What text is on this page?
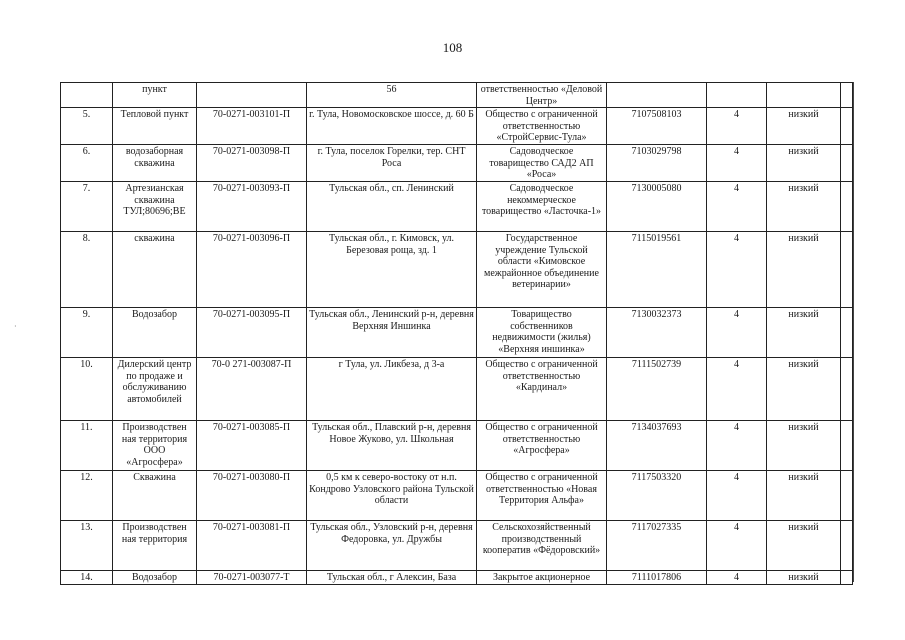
108
·
	пункт		56	ответственностью «Деловой Центр»				
5.	Тепловой пункт	70-0271-003101-П	г. Тула, Новомосковское шоссе, д. 60 Б	Общество с ограниченной ответственностью «СтройСервис-Тула»	7107508103	4	низкий	
6.	водозаборная скважина	70-0271-003098-П	г. Тула, поселок Горелки, тер. СНТ Роса	Садоводческое товарищество САД2 АП «Роса»	7103029798	4	низкий	
7.	Артезианская скважина ТУЛ;80696;ВЕ	70-0271-003093-П	Тульская обл., сп. Ленинский	Садоводческое некоммерческое товарищество «Ласточка-1»	7130005080	4	низкий	
8.	скважина	70-0271-003096-П	Тульская обл., г. Кимовск, ул. Березовая роща, зд. 1	Государственное учреждение Тульской области «Кимовское межрайонное объединение ветеринарии»	7115019561	4	низкий	
9.	Водозабор	70-0271-003095-П	Тульская обл., Ленинский р-н, деревня Верхняя Иншинка	Товарищество собственников недвижимости (жилья) «Верхняя иншинка»	7130032373	4	низкий	
10.	Дилерский центр по продаже и обслуживанию автомобилей	70-0 271-003087-П	г Тула, ул. Ликбеза, д 3-а	Общество с ограниченной ответственностью «Кардинал»	7111502739	4	низкий	
11.	Производствен ная территория ООО «Агросфера»	70-0271-003085-П	Тульская обл., Плавский р-н, деревня Новое Жуково, ул. Школьная	Общество с ограниченной ответственностью «Агросфера»	7134037693	4	низкий	
12.	Скважина	70-0271-003080-П	0,5 км к северо-востоку от н.п. Кондрово Узловского района Тульской области	Общество с ограниченной ответственностью «Новая Территория Альфа»	7117503320	4	низкий	
13.	Производствен ная территория	70-0271-003081-П	Тульская обл., Узловский р-н, деревня Федоровка, ул. Дружбы	Сельскохозяйственный производственный кооператив «Фёдоровский»	7117027335	4	низкий	
14.	Водозабор	70-0271-003077-Т	Тульская обл., г Алексин, База	Закрытое акционерное	7111017806	4	низкий	
